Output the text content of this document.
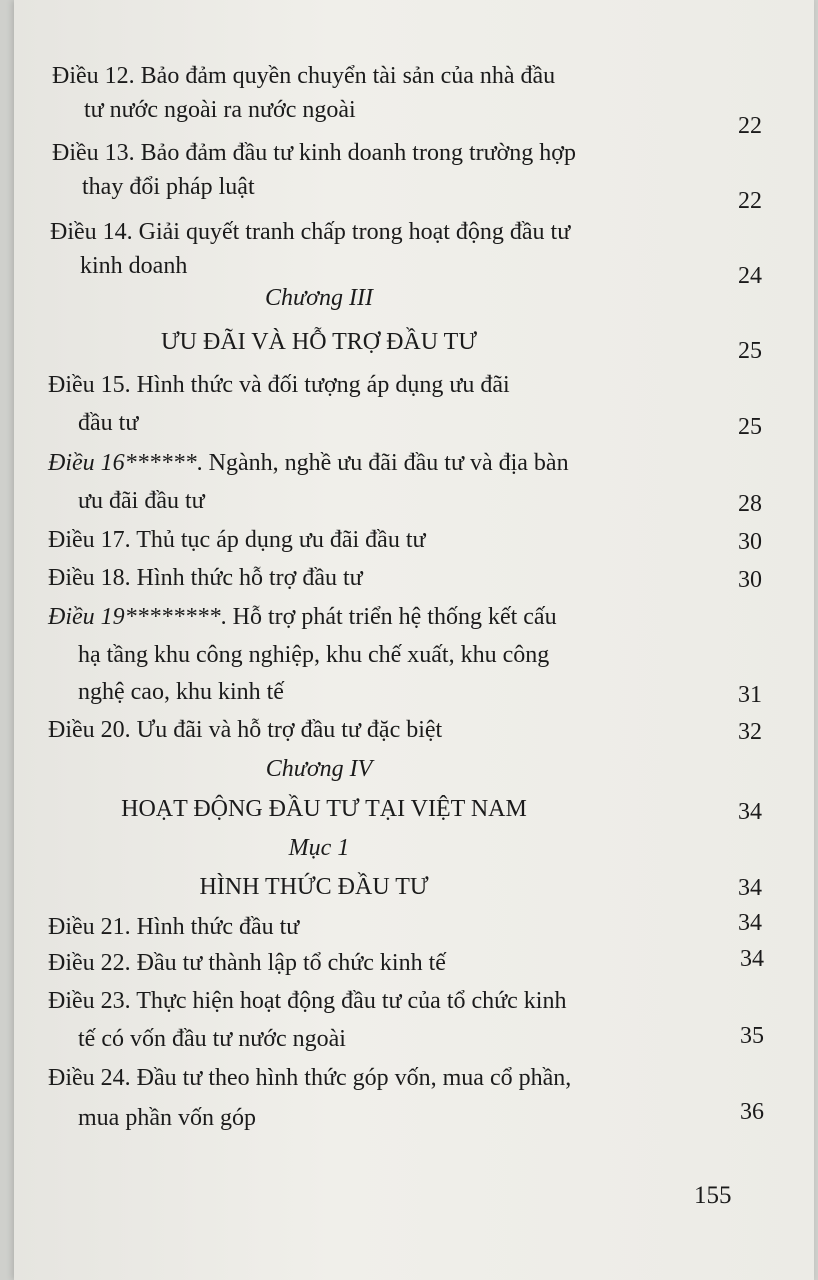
Điều 12. Bảo đảm quyền chuyển tài sản của nhà đầu
tư nước ngoài ra nước ngoài
22
Điều 13. Bảo đảm đầu tư kinh doanh trong trường hợp
thay đổi pháp luật
22
Điều 14. Giải quyết tranh chấp trong hoạt động đầu tư
kinh doanh	24
Chương III
ƯU ĐÃI VÀ HỖ TRỢ ĐẦU TƯ	25
Điều 15. Hình thức và đối tượng áp dụng ưu đãi
đầu tư	25
Điều 16******. Ngành, nghề ưu đãi đầu tư và địa bàn
ưu đãi đầu tư	28
Điều 17. Thủ tục áp dụng ưu đãi đầu tư	30
Điều 18. Hình thức hỗ trợ đầu tư	30
Điều 19********. Hỗ trợ phát triển hệ thống kết cấu
hạ tầng khu công nghiệp, khu chế xuất, khu công
nghệ cao, khu kinh tế	31
Điều 20. Ưu đãi và hỗ trợ đầu tư đặc biệt	32
Chương IV
HOẠT ĐỘNG ĐẦU TƯ TẠI VIỆT NAM	34
Mục 1
HÌNH THỨC ĐẦU TƯ	34
Điều 21. Hình thức đầu tư	34
Điều 22. Đầu tư thành lập tổ chức kinh tế	34
Điều 23. Thực hiện hoạt động đầu tư của tổ chức kinh
tế có vốn đầu tư nước ngoài	35
Điều 24. Đầu tư theo hình thức góp vốn, mua cổ phần,
mua phần vốn góp	36
155
